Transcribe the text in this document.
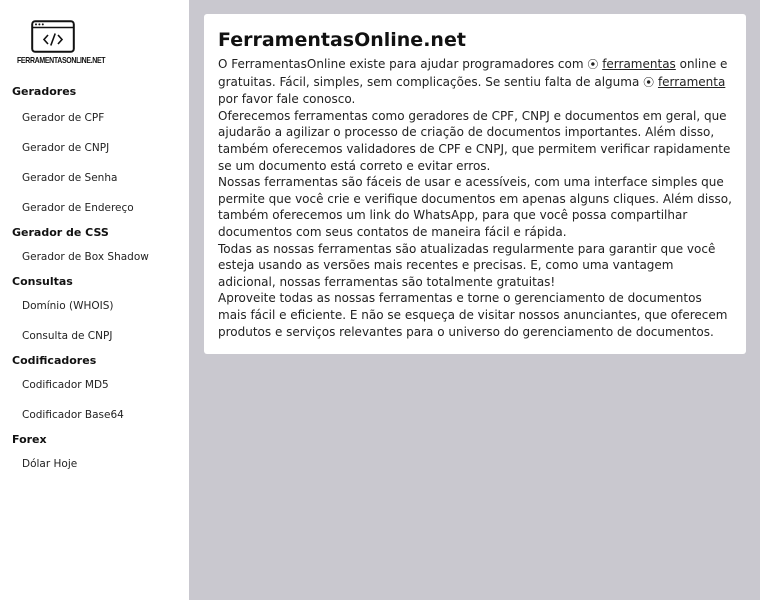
FERRAMENTASONLINE.NET
Geradores
Gerador de CPF
Gerador de CNPJ
Gerador de Senha
Gerador de Endereço
Gerador de CSS
Gerador de Box Shadow
Consultas
Domínio (WHOIS)
Consulta de CNPJ
Codificadores
Codificador MD5
Codificador Base64
Forex
Dólar Hoje
FerramentasOnline.net

O FerramentasOnline existe para ajudar programadores com ⦿ ferramentas online e gratuitas. Fácil, simples, sem complicações. Se sentiu falta de alguma ⦿ ferramenta por favor fale conosco.

Oferecemos ferramentas como geradores de CPF, CNPJ e documentos em geral, que ajudarão a agilizar o processo de criação de documentos importantes. Além disso, também oferecemos validadores de CPF e CNPJ, que permitem verificar rapidamente se um documento está correto e evitar erros.

Nossas ferramentas são fáceis de usar e acessíveis, com uma interface simples que permite que você crie e verifique documentos em apenas alguns cliques. Além disso, também oferecemos um link do WhatsApp, para que você possa compartilhar documentos com seus contatos de maneira fácil e rápida.

Todas as nossas ferramentas são atualizadas regularmente para garantir que você esteja usando as versões mais recentes e precisas. E, como uma vantagem adicional, nossas ferramentas são totalmente gratuitas!

Aproveite todas as nossas ferramentas e torne o gerenciamento de documentos mais fácil e eficiente. E não se esqueça de visitar nossos anunciantes, que oferecem produtos e serviços relevantes para o universo do gerenciamento de documentos.
